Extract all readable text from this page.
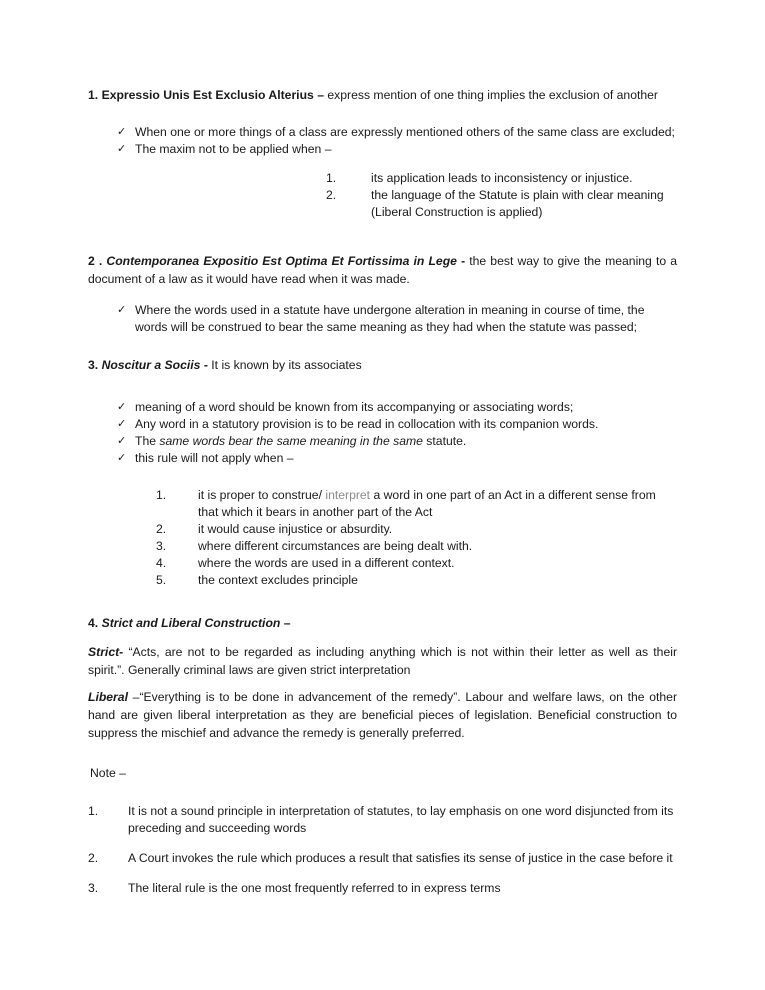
1. Expressio Unis Est Exclusio Alterius – express mention of one thing implies the exclusion of another

✓ When one or more things of a class are expressly mentioned others of the same class are excluded;
✓ The maxim not to be applied when –
1.	its application leads to inconsistency or injustice.
2.	the language of the Statute is plain with clear meaning (Liberal Construction is applied)

2 . Contemporanea Expositio Est Optima Et Fortissima in Lege - the best way to give the meaning to a document of a law as it would have read when it was made.

✓ Where the words used in a statute have undergone alteration in meaning in course of time, the words will be construed to bear the same meaning as they had when the statute was passed;

3. Noscitur a Sociis - It is known by its associates

✓ meaning of a word should be known from its accompanying or associating words;
✓ Any word in a statutory provision is to be read in collocation with its companion words.
✓ The same words bear the same meaning in the same statute.
✓ this rule will not apply when –
1.	it is proper to construe/ interpret a word in one part of an Act in a different sense from that which it bears in another part of the Act
2.	it would cause injustice or absurdity.
3.	where different circumstances are being dealt with.
4.	where the words are used in a different context.
5.	the context excludes principle

4. Strict and Liberal Construction –

Strict- “Acts, are not to be regarded as including anything which is not within their letter as well as their spirit.”. Generally criminal laws are given strict interpretation

Liberal –“Everything is to be done in advancement of the remedy”. Labour and welfare laws, on the other hand are given liberal interpretation as they are beneficial pieces of legislation. Beneficial construction to suppress the mischief and advance the remedy is generally preferred.

Note –

1. It is not a sound principle in interpretation of statutes, to lay emphasis on one word disjuncted from its preceding and succeeding words
2. A Court invokes the rule which produces a result that satisfies its sense of justice in the case before it
3. The literal rule is the one most frequently referred to in express terms
